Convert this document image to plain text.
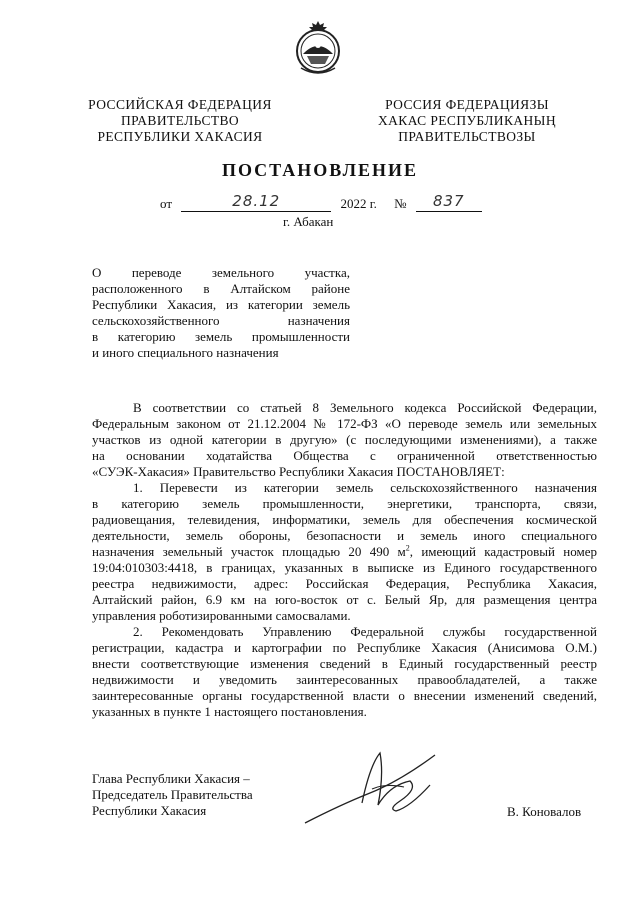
РОССИЙСКАЯ ФЕДЕРАЦИЯ
ПРАВИТЕЛЬСТВО
РЕСПУБЛИКИ ХАКАСИЯ
РОССИЯ ФЕДЕРАЦИЯЗЫ
ХАКАС РЕСПУБЛИКАНЫҢ
ПРАВИТЕЛЬСТВОЗЫ
ПОСТАНОВЛЕНИЕ
от	28.12	2022 г. №	837
г. Абакан
О переводе земельного участка,
расположенного в Алтайском районе
Республики Хакасия, из категории земель
сельскохозяйственного назначения
в категорию земель промышленности
и иного специального назначения

В соответствии со статьей 8 Земельного кодекса Российской Федерации,
Федеральным законом от 21.12.2004 № 172-ФЗ «О переводе земель или земельных
участков из одной категории в другую» (с последующими изменениями), а также
на основании ходатайства Общества с ограниченной ответственностью
«СУЭК-Хакасия» Правительство Республики Хакасия ПОСТАНОВЛЯЕТ:

1. Перевести из категории земель сельскохозяйственного назначения
в категорию земель промышленности, энергетики, транспорта, связи,
радиовещания, телевидения, информатики, земель для обеспечения космической
деятельности, земель обороны, безопасности и земель иного специального
назначения земельный участок площадью 20 490 $м^2$, имеющий кадастровый номер
19:04:010303:4418, в границах, указанных в выписке из Единого государственного
реестра недвижимости, адрес: Российская Федерация, Республика Хакасия,
Алтайский район, 6.9 км на юго-восток от с. Белый Яр, для размещения центра
управления роботизированными самосвалами.

2. Рекомендовать Управлению Федеральной службы государственной
регистрации, кадастра и картографии по Республике Хакасия (Анисимова О.М.)
внести соответствующие изменения сведений в Единый государственный реестр
недвижимости и уведомить заинтересованных правообладателей, а также
заинтересованные органы государственной власти о внесении изменений сведений,
указанных в пункте 1 настоящего постановления.

Глава Республики Хакасия –
Председатель Правительства
Республики Хакасия	В. Коновалов
